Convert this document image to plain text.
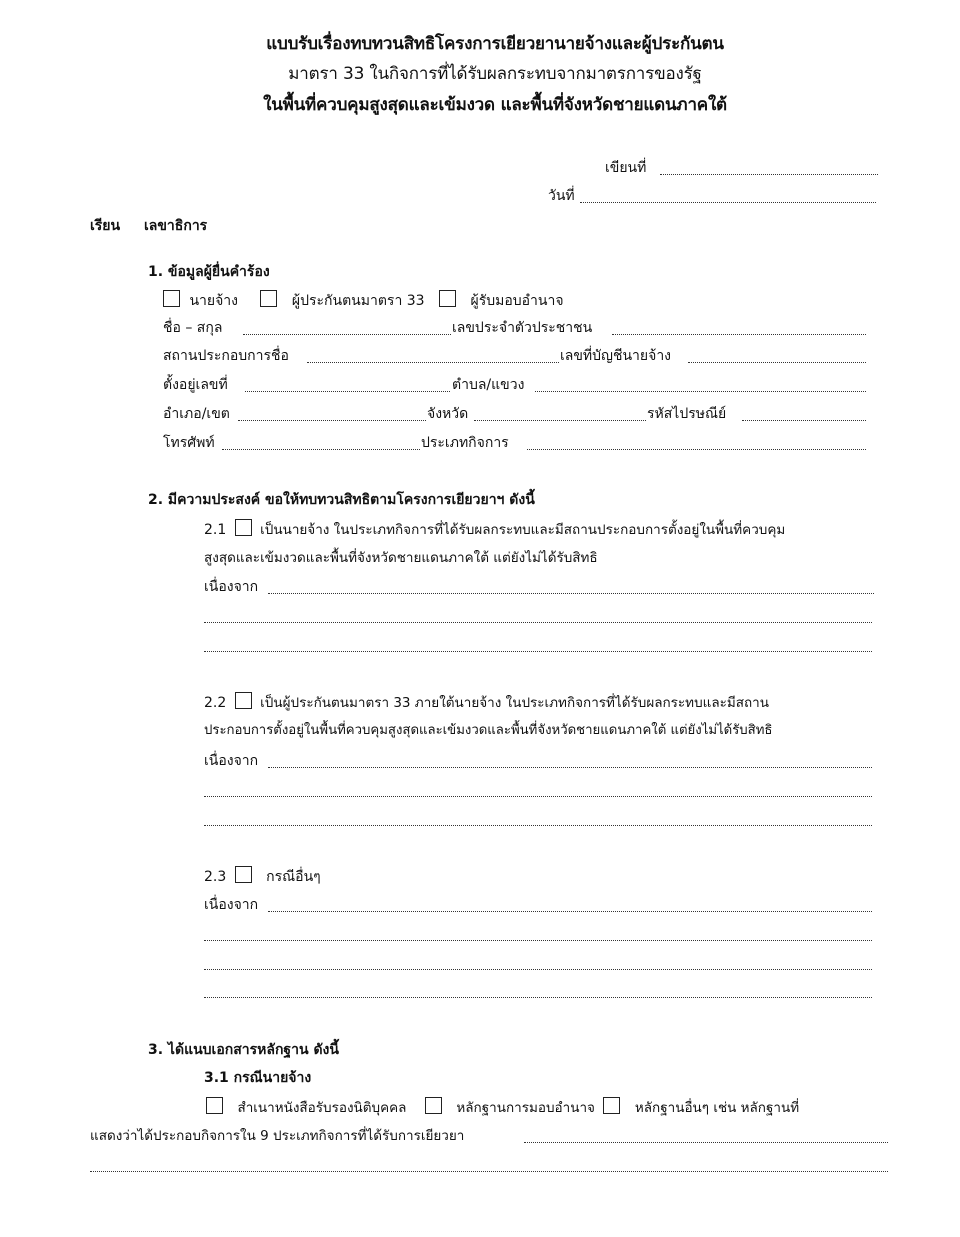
แบบรับเรื่องทบทวนสิทธิโครงการเยียวยานายจ้างและผู้ประกันตน
มาตรา 33 ในกิจการที่ได้รับผลกระทบจากมาตรการของรัฐ
ในพื้นที่ควบคุมสูงสุดและเข้มงวด และพื้นที่จังหวัดชายแดนภาคใต้
เขียนที่
วันที่
เรียน เลขาธิการ
1. ข้อมูลผู้ยื่นคำร้อง
นายจ้าง	ผู้ประกันตนมาตรา 33	ผู้รับมอบอำนาจ
ชื่อ – สกุล	เลขประจำตัวประชาชน
สถานประกอบการชื่อ	เลขที่บัญชีนายจ้าง
ตั้งอยู่เลขที่	ตำบล/แขวง
อำเภอ/เขต	จังหวัด	รหัสไปรษณีย์
โทรศัพท์	ประเภทกิจการ
2. มีความประสงค์ ขอให้ทบทวนสิทธิตามโครงการเยียวยาฯ ดังนี้
2.1	เป็นนายจ้าง ในประเภทกิจการที่ได้รับผลกระทบและมีสถานประกอบการตั้งอยู่ในพื้นที่ควบคุม
สูงสุดและเข้มงวดและพื้นที่จังหวัดชายแดนภาคใต้ แต่ยังไม่ได้รับสิทธิ
เนื่องจาก
2.2	เป็นผู้ประกันตนมาตรา 33 ภายใต้นายจ้าง ในประเภทกิจการที่ได้รับผลกระทบและมีสถาน
ประกอบการตั้งอยู่ในพื้นที่ควบคุมสูงสุดและเข้มงวดและพื้นที่จังหวัดชายแดนภาคใต้ แต่ยังไม่ได้รับสิทธิ
เนื่องจาก
2.3	กรณีอื่นๆ
เนื่องจาก
3. ได้แนบเอกสารหลักฐาน ดังนี้
3.1 กรณีนายจ้าง
สำเนาหนังสือรับรองนิติบุคคล	หลักฐานการมอบอำนาจ	หลักฐานอื่นๆ เช่น หลักฐานที่
แสดงว่าได้ประกอบกิจการใน 9 ประเภทกิจการที่ได้รับการเยียวยา
